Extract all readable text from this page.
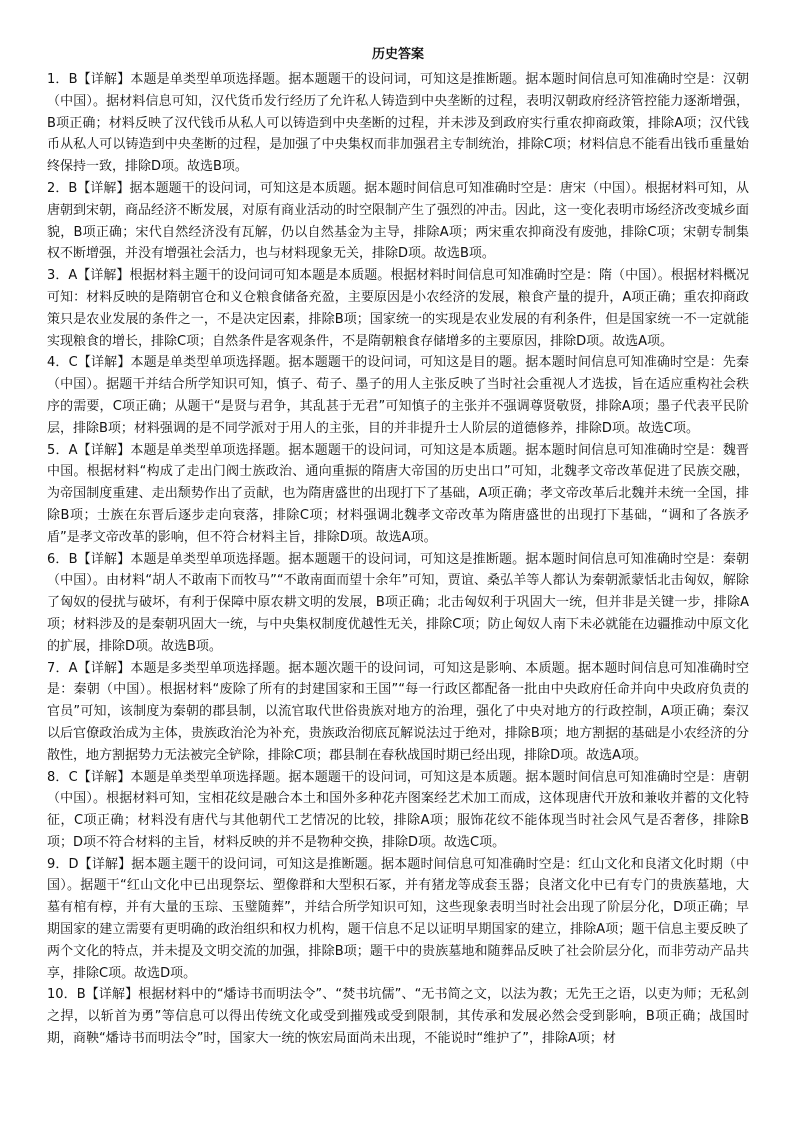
历史答案

1．B【详解】本题是单类型单项选择题。据本题题干的设问词，可知这是推断题。据本题时间信息可知准确时空是：汉朝（中国）。据材料信息可知，汉代货币发行经历了允许私人铸造到中央垄断的过程，表明汉朝政府经济管控能力逐渐增强，B项正确；材料反映了汉代钱币从私人可以铸造到中央垄断的过程，并未涉及到政府实行重农抑商政策，排除A项；汉代钱币从私人可以铸造到中央垄断的过程，是加强了中央集权而非加强君主专制统治，排除C项；材料信息不能看出钱币重量始终保持一致，排除D项。故选B项。

2．B【详解】据本题题干的设问词，可知这是本质题。据本题时间信息可知准确时空是：唐宋（中国）。根据材料可知，从唐朝到宋朝，商品经济不断发展，对原有商业活动的时空限制产生了强烈的冲击。因此，这一变化表明市场经济改变城乡面貌，B项正确；宋代自然经济没有瓦解，仍以自然基金为主导，排除A项；两宋重农抑商没有废弛，排除C项；宋朝专制集权不断增强，并没有增强社会活力，也与材料现象无关，排除D项。故选B项。

3．A【详解】根据材料主题干的设问词可知本题是本质题。根据材料时间信息可知准确时空是：隋（中国）。根据材料概况可知：材料反映的是隋朝官仓和义仓粮食储备充盈，主要原因是小农经济的发展，粮食产量的提升，A项正确；重农抑商政策只是农业发展的条件之一，不是决定因素，排除B项；国家统一的实现是农业发展的有利条件，但是国家统一不一定就能实现粮食的增长，排除C项；自然条件是客观条件，不是隋朝粮食存储增多的主要原因，排除D项。故选A项。

4．C【详解】本题是单类型单项选择题。据本题题干的设问词，可知这是目的题。据本题时间信息可知准确时空是：先秦（中国）。据题干并结合所学知识可知，慎子、荀子、墨子的用人主张反映了当时社会重视人才选拔，旨在适应重构社会秩序的需要，C项正确；从题干“是贤与君争，其乱甚于无君”可知慎子的主张并不强调尊贤敬贤，排除A项；墨子代表平民阶层，排除B项；材料强调的是不同学派对于用人的主张，目的并非提升士人阶层的道德修养，排除D项。故选C项。

5．A【详解】本题是单类型单项选择题。据本题题干的设问词，可知这是本质题。据本题时间信息可知准确时空是：魏晋中国。根据材料“构成了走出门阀士族政治、通向重振的隋唐大帝国的历史出口”可知，北魏孝文帝改革促进了民族交融，为帝国制度重建、走出颓势作出了贡献，也为隋唐盛世的出现打下了基础，A项正确；孝文帝改革后北魏并未统一全国，排除B项；士族在东晋后逐步走向衰落，排除C项；材料强调北魏孝文帝改革为隋唐盛世的出现打下基础，“调和了各族矛盾”是孝文帝改革的影响，但不符合材料主旨，排除D项。故选A项。

6．B【详解】本题是单类型单项选择题。据本题题干的设问词，可知这是推断题。据本题时间信息可知准确时空是：秦朝（中国）。由材料“胡人不敢南下而牧马”“不敢南面而望十余年”可知，贾谊、桑弘羊等人都认为秦朝派蒙恬北击匈奴，解除了匈奴的侵扰与破坏，有利于保障中原农耕文明的发展，B项正确；北击匈奴利于巩固大一统，但并非是关键一步，排除A项；材料涉及的是秦朝巩固大一统，与中央集权制度优越性无关，排除C项；防止匈奴人南下未必就能在边疆推动中原文化的扩展，排除D项。故选B项。

7．A【详解】本题是多类型单项选择题。据本题次题干的设问词，可知这是影响、本质题。据本题时间信息可知准确时空是：秦朝（中国）。根据材料“废除了所有的封建国家和王国”“每一行政区都配备一批由中央政府任命并向中央政府负责的官员”可知，该制度为秦朝的郡县制，以流官取代世俗贵族对地方的治理，强化了中央对地方的行政控制，A项正确；秦汉以后官僚政治成为主体，贵族政治沦为补充，贵族政治彻底瓦解说法过于绝对，排除B项；地方割据的基础是小农经济的分散性，地方割据势力无法被完全铲除，排除C项；郡县制在春秋战国时期已经出现，排除D项。故选A项。

8．C【详解】本题是单类型单项选择题。据本题题干的设问词，可知这是本质题。据本题时间信息可知准确时空是：唐朝（中国）。根据材料可知，宝相花纹是融合本土和国外多种花卉图案经艺术加工而成，这体现唐代开放和兼收并蓄的文化特征，C项正确；材料没有唐代与其他朝代工艺情况的比较，排除A项；服饰花纹不能体现当时社会风气是否奢侈，排除B项；D项不符合材料的主旨，材料反映的并不是物种交换，排除D项。故选C项。

9．D【详解】据本题主题干的设问词，可知这是推断题。据本题时间信息可知准确时空是：红山文化和良渚文化时期（中国）。据题干“红山文化中已出现祭坛、塑像群和大型积石冢，并有猪龙等成套玉器；良渚文化中已有专门的贵族墓地，大墓有棺有椁，并有大量的玉琮、玉璧随葬”，并结合所学知识可知，这些现象表明当时社会出现了阶层分化，D项正确；早期国家的建立需要有更明确的政治组织和权力机构，题干信息不足以证明早期国家的建立，排除A项；题干信息主要反映了两个文化的特点，并未提及文明交流的加强，排除B项；题干中的贵族墓地和随葬品反映了社会阶层分化，而非劳动产品共享，排除C项。故选D项。

10．B【详解】根据材料中的“燔诗书而明法令”、“焚书坑儒”、“无书简之文，以法为教；无先王之语，以吏为师；无私剑之捍，以斩首为勇”等信息可以得出传统文化或受到摧残或受到限制，其传承和发展必然会受到影响，B项正确；战国时期，商鞅“燔诗书而明法令”时，国家大一统的恢宏局面尚未出现，不能说时“维护了”，排除A项；材
